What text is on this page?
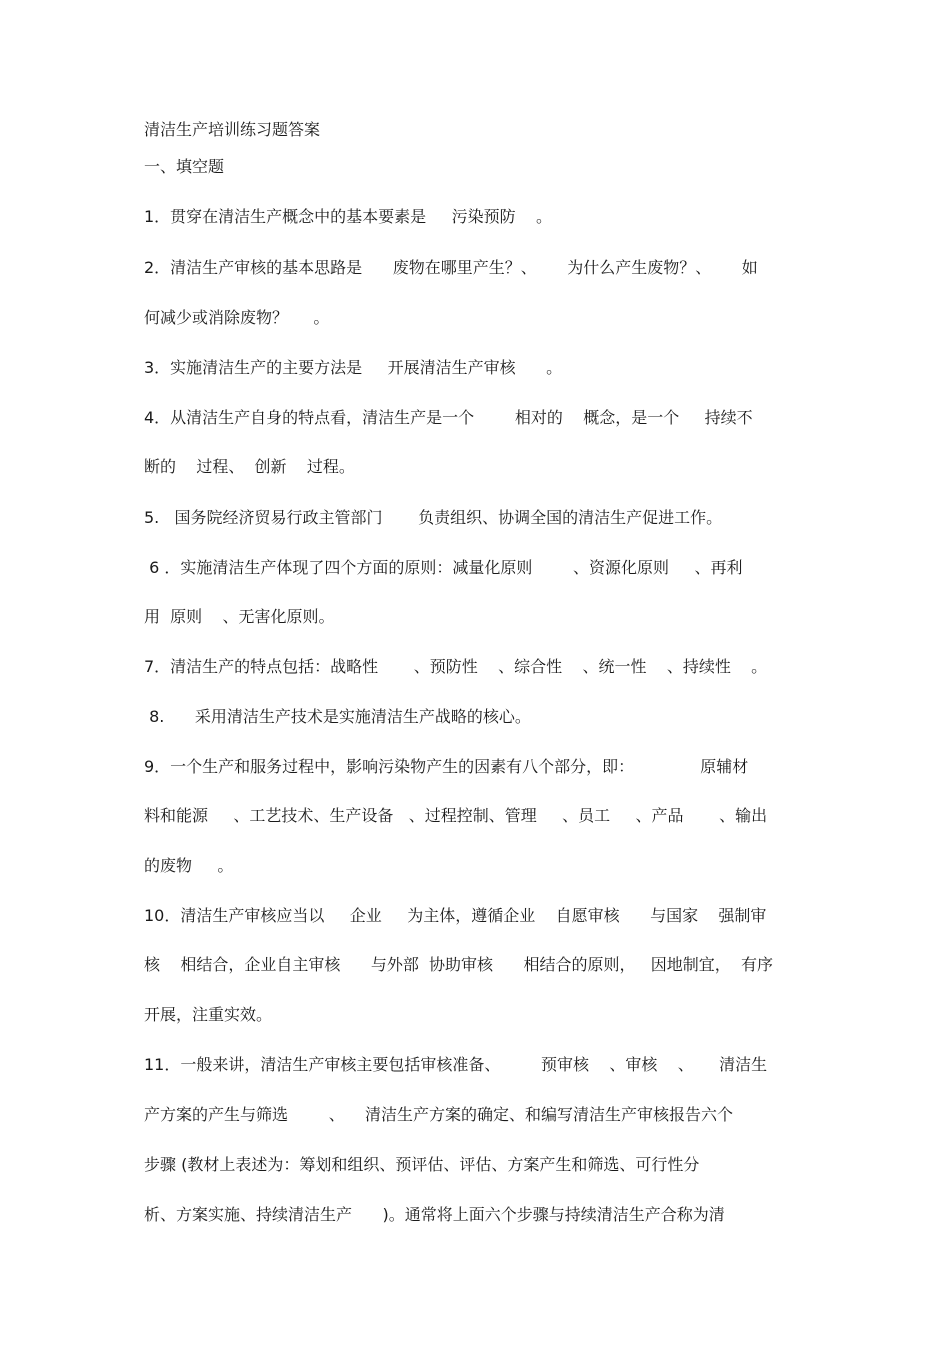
清洁生产培训练习题答案
一、填空题
1．贯穿在清洁生产概念中的基本要素是     污染预防    。
2．清洁生产审核的基本思路是      废物在哪里产生？、      为什么产生废物？、      如
何减少或消除废物？     。
3．实施清洁生产的主要方法是     开展清洁生产审核      。
4．从清洁生产自身的特点看，清洁生产是一个        相对的    概念，是一个     持续不
断的    过程、  创新    过程。
5.   国务院经济贸易行政主管部门       负责组织、协调全国的清洁生产促进工作。
6 ．实施清洁生产体现了四个方面的原则：减量化原则        、资源化原则     、再利
用  原则    、无害化原则。
7．清洁生产的特点包括：战略性       、预防性    、综合性    、统一性    、持续性    。
8.      采用清洁生产技术是实施清洁生产战略的核心。
9．一个生产和服务过程中，影响污染物产生的因素有八个部分，即：             原辅材
料和能源     、工艺技术、生产设备   、过程控制、管理     、员工     、产品       、输出
的废物     。
10．清洁生产审核应当以     企业     为主体，遵循企业    自愿审核      与国家    强制审
核    相结合，企业自主审核      与外部  协助审核      相结合的原则，   因地制宜，  有序
开展，注重实效。
11．一般来讲，清洁生产审核主要包括审核准备、        预审核    、审核    、     清洁生
产方案的产生与筛选        、    清洁生产方案的确定、和编写清洁生产审核报告六个
步骤 (教材上表述为：筹划和组织、预评估、评估、方案产生和筛选、可行性分
析、方案实施、持续清洁生产      )。通常将上面六个步骤与持续清洁生产合称为清
